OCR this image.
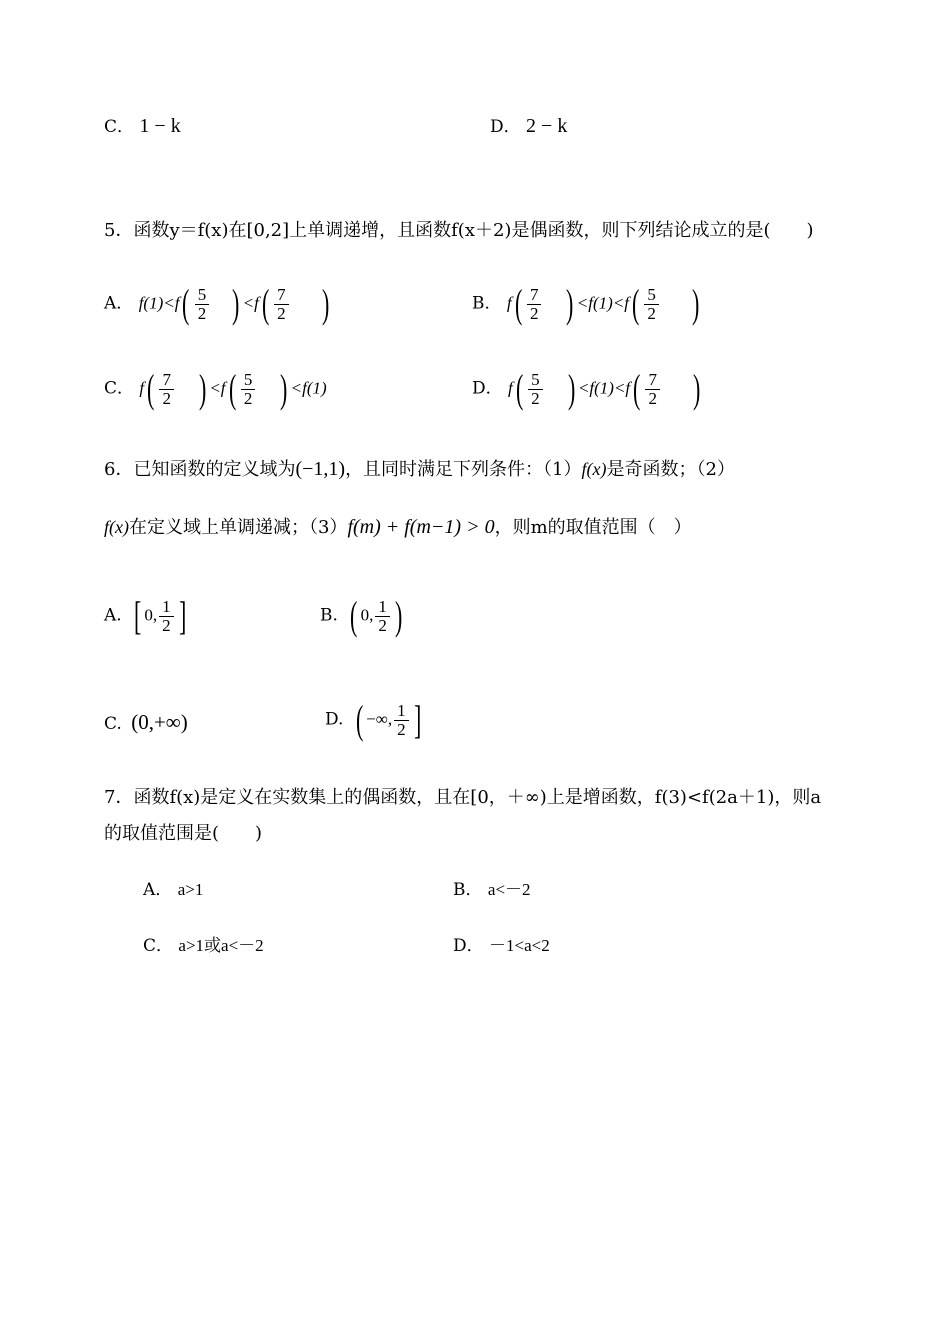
C． 1 − k	D． 2 − k
5．函数y＝f(x)在[0,2]上单调递增，且函数f(x＋2)是偶函数，则下列结论成立的是(　　)
A． $f(1)<f( \frac{5}{2}$ ) $<f( \frac{7}{2}$ )	B． $f( \frac{7}{2}$ ) $<f(1)<f( \frac{5}{2}$ )
C． $f( \frac{7}{2}$ ) $<f( \frac{5}{2}$ ) <f(1)	D． $f( \frac{5}{2}$ ) $<f(1)<f( \frac{7}{2}$ )
6．已知函数的定义域为(−1,1)，且同时满足下列条件：（1）f(x)是奇函数；（2）
f(x)在定义域上单调递减；（3）f(m) + f(m−1) > 0，则m的取值范围（　）
A. [ 0, $\frac{1}{2}$ ]	B. ( 0, $\frac{1}{2}$ )
C. (0,+∞)	D. ( −∞, $\frac{1}{2}$ ]
7．函数f(x)是定义在实数集上的偶函数，且在[0，＋∞)上是增函数，f(3)<f(2a＋1)，则a
的取值范围是(　　)
A． a>1	B． a<－2
C． a>1或a<－2	D． －1<a<2
